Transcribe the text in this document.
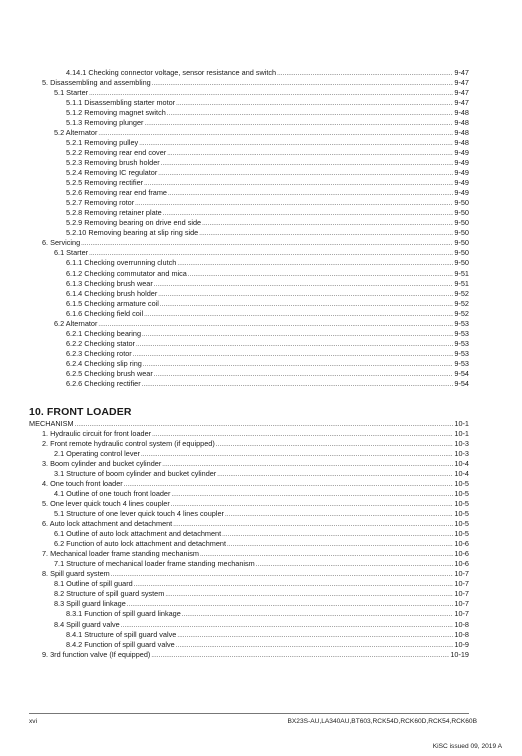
4.14.1 Checking connector voltage, sensor resistance and switch .....	9-47
5. Disassembling and assembling .....	9-47
5.1 Starter .....	9-47
5.1.1 Disassembling starter motor .....	9-47
5.1.2 Removing magnet switch .....	9-48
5.1.3 Removing plunger .....	9-48
5.2 Alternator .....	9-48
5.2.1 Removing pulley .....	9-48
5.2.2 Removing rear end cover .....	9-49
5.2.3 Removing brush holder .....	9-49
5.2.4 Removing IC regulator .....	9-49
5.2.5 Removing rectifier .....	9-49
5.2.6 Removing rear end frame .....	9-49
5.2.7 Removing rotor .....	9-50
5.2.8 Removing retainer plate .....	9-50
5.2.9 Removing bearing on drive end side .....	9-50
5.2.10 Removing bearing at slip ring side .....	9-50
6. Servicing .....	9-50
6.1 Starter .....	9-50
6.1.1 Checking overrunning clutch .....	9-50
6.1.2 Checking commutator and mica .....	9-51
6.1.3 Checking brush wear .....	9-51
6.1.4 Checking brush holder .....	9-52
6.1.5 Checking armature coil .....	9-52
6.1.6 Checking field coil .....	9-52
6.2 Alternator .....	9-53
6.2.1 Checking bearing .....	9-53
6.2.2 Checking stator .....	9-53
6.2.3 Checking rotor .....	9-53
6.2.4 Checking slip ring .....	9-53
6.2.5 Checking brush wear .....	9-54
6.2.6 Checking rectifier .....	9-54
10. FRONT LOADER
MECHANISM .....	10-1
1. Hydraulic circuit for front loader .....	10-1
2. Front remote hydraulic control system (if equipped) .....	10-3
2.1 Operating control lever .....	10-3
3. Boom cylinder and bucket cylinder .....	10-4
3.1 Structure of boom cylinder and bucket cylinder .....	10-4
4. One touch front loader .....	10-5
4.1 Outline of one touch front loader .....	10-5
5. One lever quick touch 4 lines coupler .....	10-5
5.1 Structure of one lever quick touch 4 lines coupler .....	10-5
6. Auto lock attachment and detachment .....	10-5
6.1 Outline of auto lock attachment and detachment .....	10-5
6.2 Function of auto lock attachment and detachment .....	10-6
7. Mechanical loader frame standing mechanism .....	10-6
7.1 Structure of mechanical loader frame standing mechanism .....	10-6
8. Spill guard system .....	10-7
8.1 Outline of spill guard .....	10-7
8.2 Structure of spill guard system .....	10-7
8.3 Spill guard linkage .....	10-7
8.3.1 Function of spill guard linkage .....	10-7
8.4 Spill guard valve .....	10-8
8.4.1 Structure of spill guard valve .....	10-8
8.4.2 Function of spill guard valve .....	10-9
9. 3rd function valve (If equipped) .....	10-19
xvi	BX23S-AU,LA340AU,BT603,RCK54D,RCK60D,RCK54,RCK60B
KiSC issued 09, 2019 A
